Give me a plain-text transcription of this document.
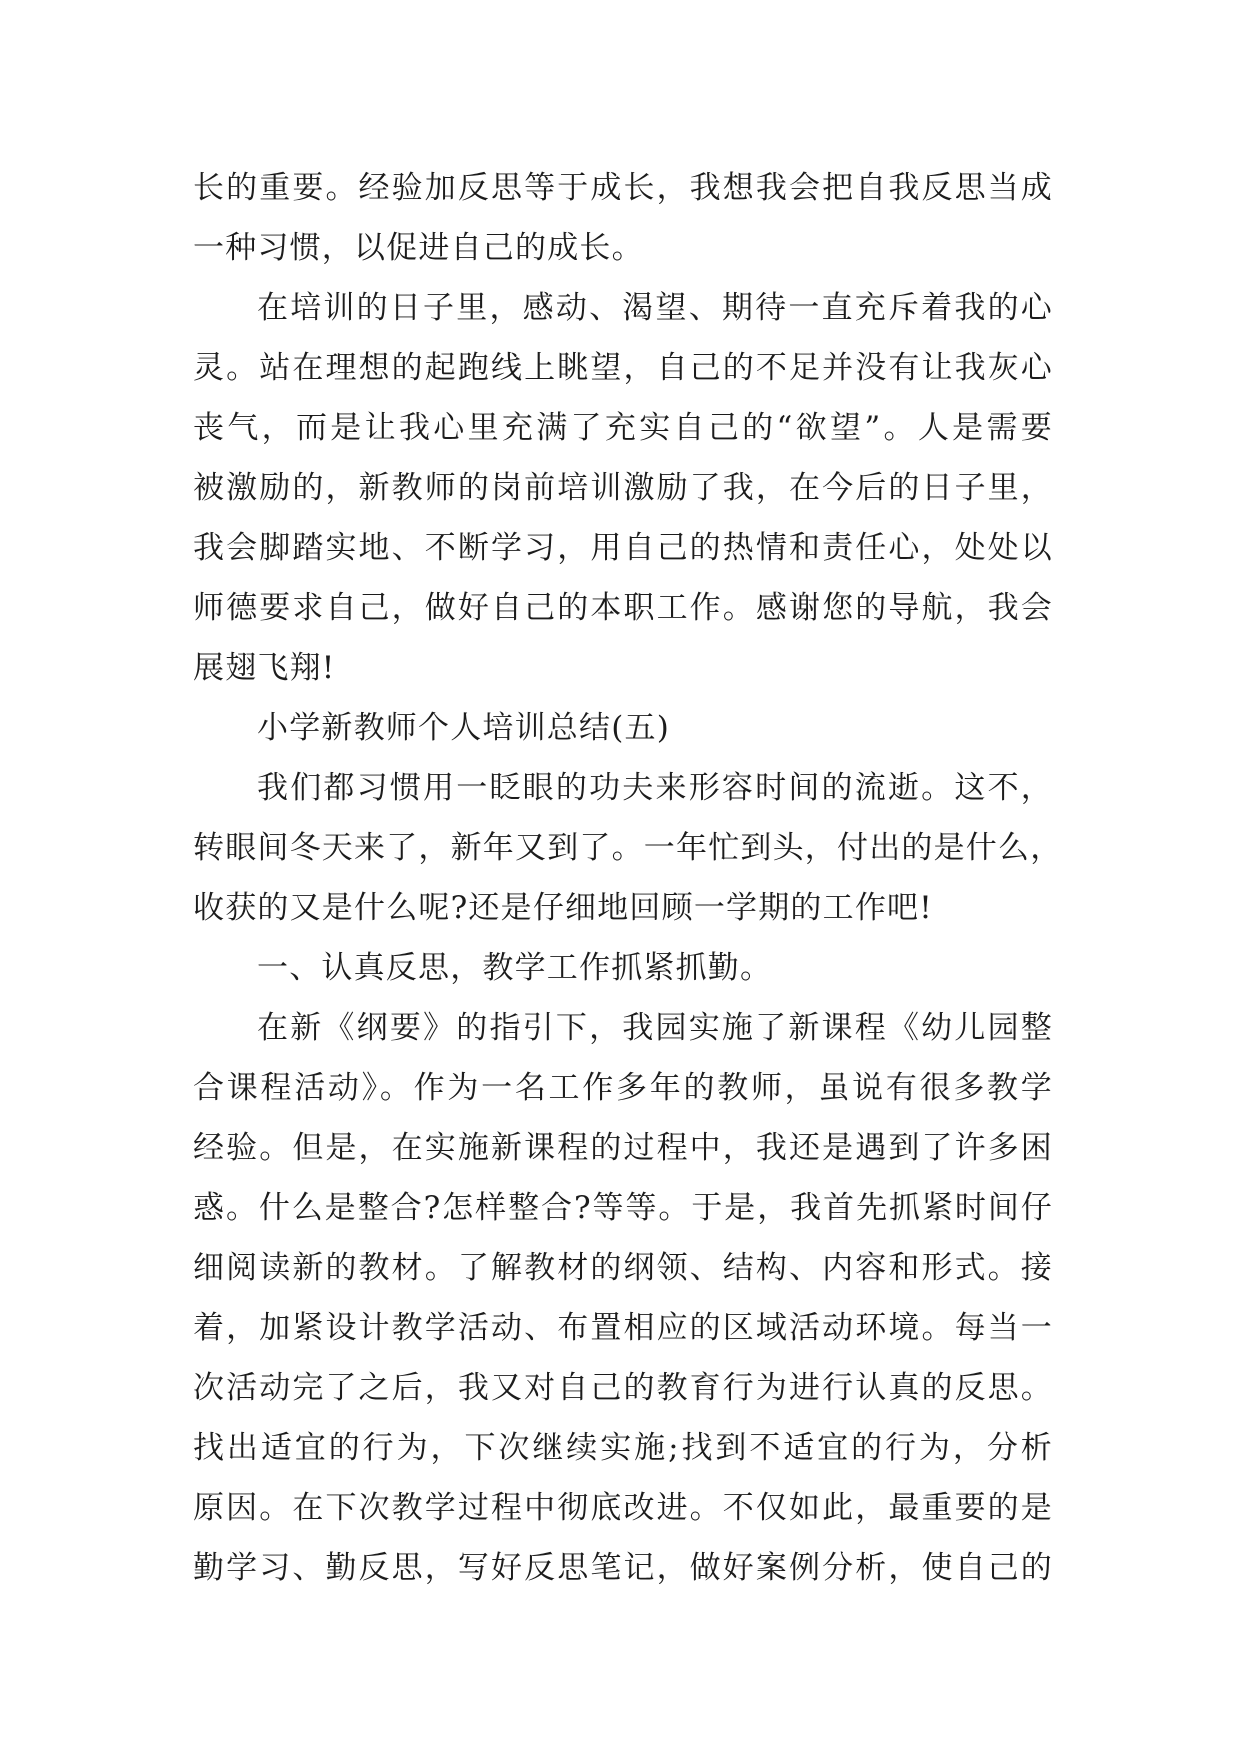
长的重要。经验加反思等于成长，我想我会把自我反思当成
一种习惯，以促进自己的成长。
在培训的日子里，感动、渴望、期待一直充斥着我的心
灵。站在理想的起跑线上眺望，自己的不足并没有让我灰心
丧气，而是让我心里充满了充实自己的“欲望”。人是需要
被激励的，新教师的岗前培训激励了我，在今后的日子里，
我会脚踏实地、不断学习，用自己的热情和责任心，处处以
师德要求自己，做好自己的本职工作。感谢您的导航，我会
展翅飞翔!
小学新教师个人培训总结(五)
我们都习惯用一眨眼的功夫来形容时间的流逝。这不，
转眼间冬天来了，新年又到了。一年忙到头，付出的是什么，
收获的又是什么呢?还是仔细地回顾一学期的工作吧!
一、认真反思，教学工作抓紧抓勤。
在新《纲要》的指引下，我园实施了新课程《幼儿园整
合课程活动》。作为一名工作多年的教师，虽说有很多教学
经验。但是，在实施新课程的过程中，我还是遇到了许多困
惑。什么是整合?怎样整合?等等。于是，我首先抓紧时间仔
细阅读新的教材。了解教材的纲领、结构、内容和形式。接
着，加紧设计教学活动、布置相应的区域活动环境。每当一
次活动完了之后，我又对自己的教育行为进行认真的反思。
找出适宜的行为，下次继续实施;找到不适宜的行为，分析
原因。在下次教学过程中彻底改进。不仅如此，最重要的是
勤学习、勤反思，写好反思笔记，做好案例分析，使自己的
